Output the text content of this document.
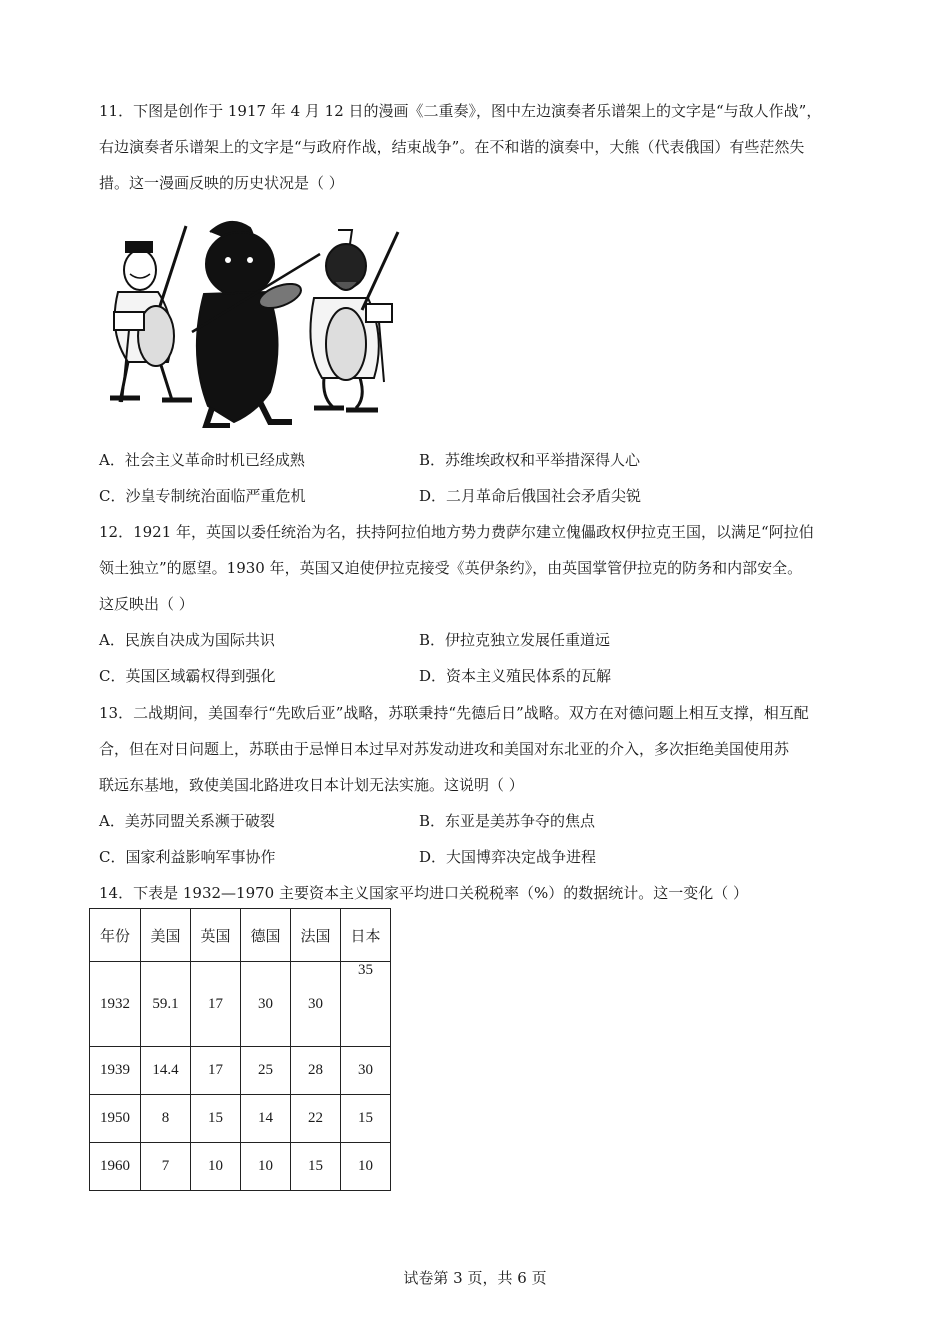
11．下图是创作于 1917 年 4 月 12 日的漫画《二重奏》，图中左边演奏者乐谱架上的文字是“与敌人作战”，
右边演奏者乐谱架上的文字是“与政府作战，结束战争”。在不和谐的演奏中，大熊（代表俄国）有些茫然失
措。这一漫画反映的历史状况是（ ）
A．社会主义革命时机已经成熟	B．苏维埃政权和平举措深得人心
C．沙皇专制统治面临严重危机	D．二月革命后俄国社会矛盾尖锐
12．1921 年，英国以委任统治为名，扶持阿拉伯地方势力费萨尔建立傀儡政权伊拉克王国，以满足“阿拉伯
领土独立”的愿望。1930 年，英国又迫使伊拉克接受《英伊条约》，由英国掌管伊拉克的防务和内部安全。
这反映出（ ）
A．民族自决成为国际共识	B．伊拉克独立发展任重道远
C．英国区域霸权得到强化	D．资本主义殖民体系的瓦解
13．二战期间，美国奉行“先欧后亚”战略，苏联秉持“先德后日”战略。双方在对德问题上相互支撑，相互配
合，但在对日问题上，苏联由于忌惮日本过早对苏发动进攻和美国对东北亚的介入，多次拒绝美国使用苏
联远东基地，致使美国北路进攻日本计划无法实施。这说明（ ）
A．美苏同盟关系濒于破裂	B．东亚是美苏争夺的焦点
C．国家利益影响军事协作	D．大国博弈决定战争进程
14．下表是 1932—1970 主要资本主义国家平均进口关税税率（%）的数据统计。这一变化（ ）
年份	美国	英国	德国	法国	日本
1932	59.1	17	30	30	35
1939	14.4	17	25	28	30
1950	8	15	14	22	15
1960	7	10	10	15	10
试卷第 3 页，共 6 页
